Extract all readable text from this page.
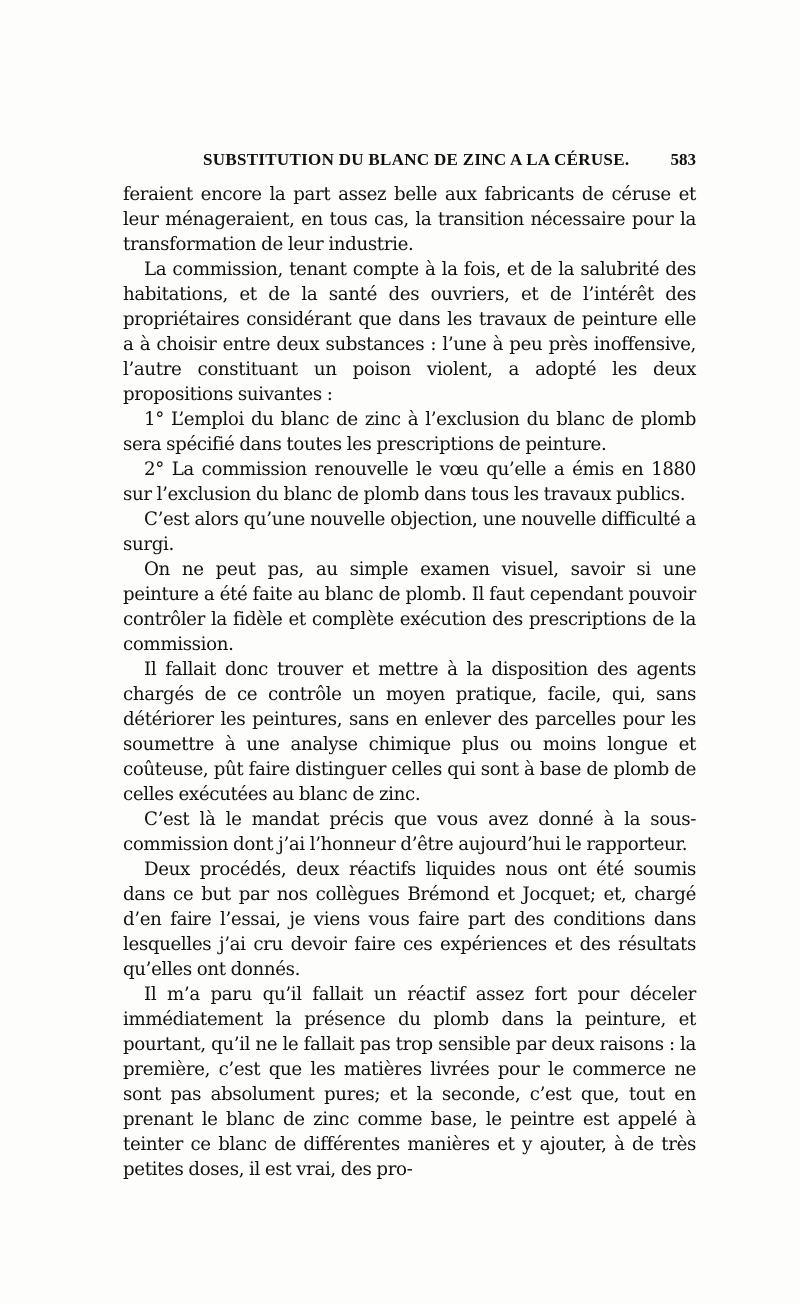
SUBSTITUTION DU BLANC DE ZINC A LA CÉRUSE. 583

feraient encore la part assez belle aux fabricants de céruse et leur ménageraient, en tous cas, la transition nécessaire pour la transformation de leur industrie.

La commission, tenant compte à la fois, et de la salubrité des habitations, et de la santé des ouvriers, et de l’intérêt des propriétaires considérant que dans les travaux de peinture elle a à choisir entre deux substances : l’une à peu près inoffensive, l’autre constituant un poison violent, a adopté les deux propositions suivantes :

1° L’emploi du blanc de zinc à l’exclusion du blanc de plomb sera spécifié dans toutes les prescriptions de peinture.

2° La commission renouvelle le vœu qu’elle a émis en 1880 sur l’exclusion du blanc de plomb dans tous les travaux publics.

C’est alors qu’une nouvelle objection, une nouvelle difficulté a surgi.

On ne peut pas, au simple examen visuel, savoir si une peinture a été faite au blanc de plomb. Il faut cependant pouvoir contrôler la fidèle et complète exécution des prescriptions de la commission.

Il fallait donc trouver et mettre à la disposition des agents chargés de ce contrôle un moyen pratique, facile, qui, sans détériorer les peintures, sans en enlever des parcelles pour les soumettre à une analyse chimique plus ou moins longue et coûteuse, pût faire distinguer celles qui sont à base de plomb de celles exécutées au blanc de zinc.

C’est là le mandat précis que vous avez donné à la sous-commission dont j’ai l’honneur d’être aujourd’hui le rapporteur.

Deux procédés, deux réactifs liquides nous ont été soumis dans ce but par nos collègues Brémond et Jocquet; et, chargé d’en faire l’essai, je viens vous faire part des conditions dans lesquelles j’ai cru devoir faire ces expériences et des résultats qu’elles ont donnés.

Il m’a paru qu’il fallait un réactif assez fort pour déceler immédiatement la présence du plomb dans la peinture, et pourtant, qu’il ne le fallait pas trop sensible par deux raisons : la première, c’est que les matières livrées pour le commerce ne sont pas absolument pures; et la seconde, c’est que, tout en prenant le blanc de zinc comme base, le peintre est appelé à teinter ce blanc de différentes manières et y ajouter, à de très petites doses, il est vrai, des pro-
